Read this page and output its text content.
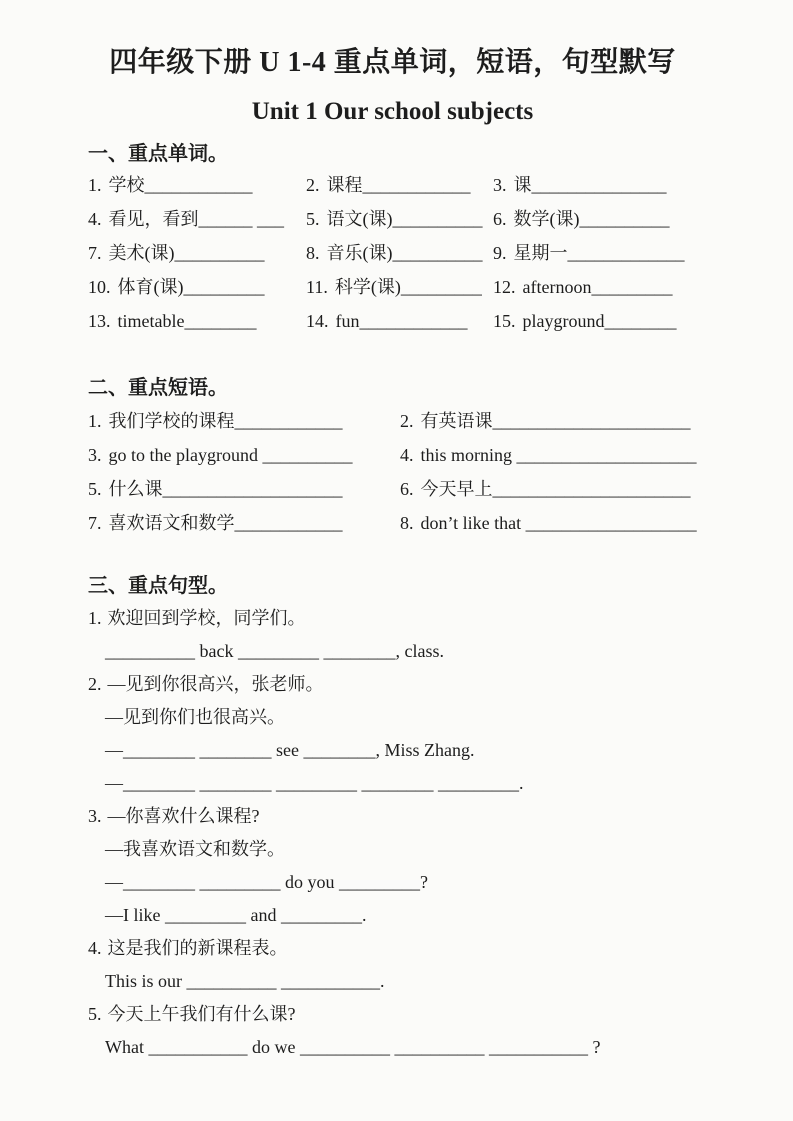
四年级下册 U 1-4 重点单词，短语，句型默写
Unit 1 Our school subjects
一、重点单词。
1. 学校____________	2. 课程____________	3. 课_______________
4. 看见，看到______ ___	5. 语文(课)__________ 6. 数学(课)__________
7. 美术(课)__________	8. 音乐(课)__________ 9. 星期一_____________
10. 体育(课)_________	11. 科学(课)_________ 12. afternoon_________
13. timetable________	14. fun____________	15. playground________
二、重点短语。
1. 我们学校的课程____________	2. 有英语课______________________
3. go to the playground __________	4. this morning ____________________
5. 什么课____________________	6. 今天早上______________________
7. 喜欢语文和数学____________	8. don’t like that ___________________
三、重点句型。
1. 欢迎回到学校，同学们。
__________ back _________ ________, class.
2. —见到你很高兴，张老师。
—见到你们也很高兴。
—________ ________ see ________, Miss Zhang.
—________ ________ _________ ________ _________.
3. —你喜欢什么课程?
—我喜欢语文和数学。
—________ _________ do you _________?
—I like _________ and _________.
4. 这是我们的新课程表。
This is our __________ ___________.
5. 今天上午我们有什么课?
What ___________ do we __________ __________ ___________ ?
